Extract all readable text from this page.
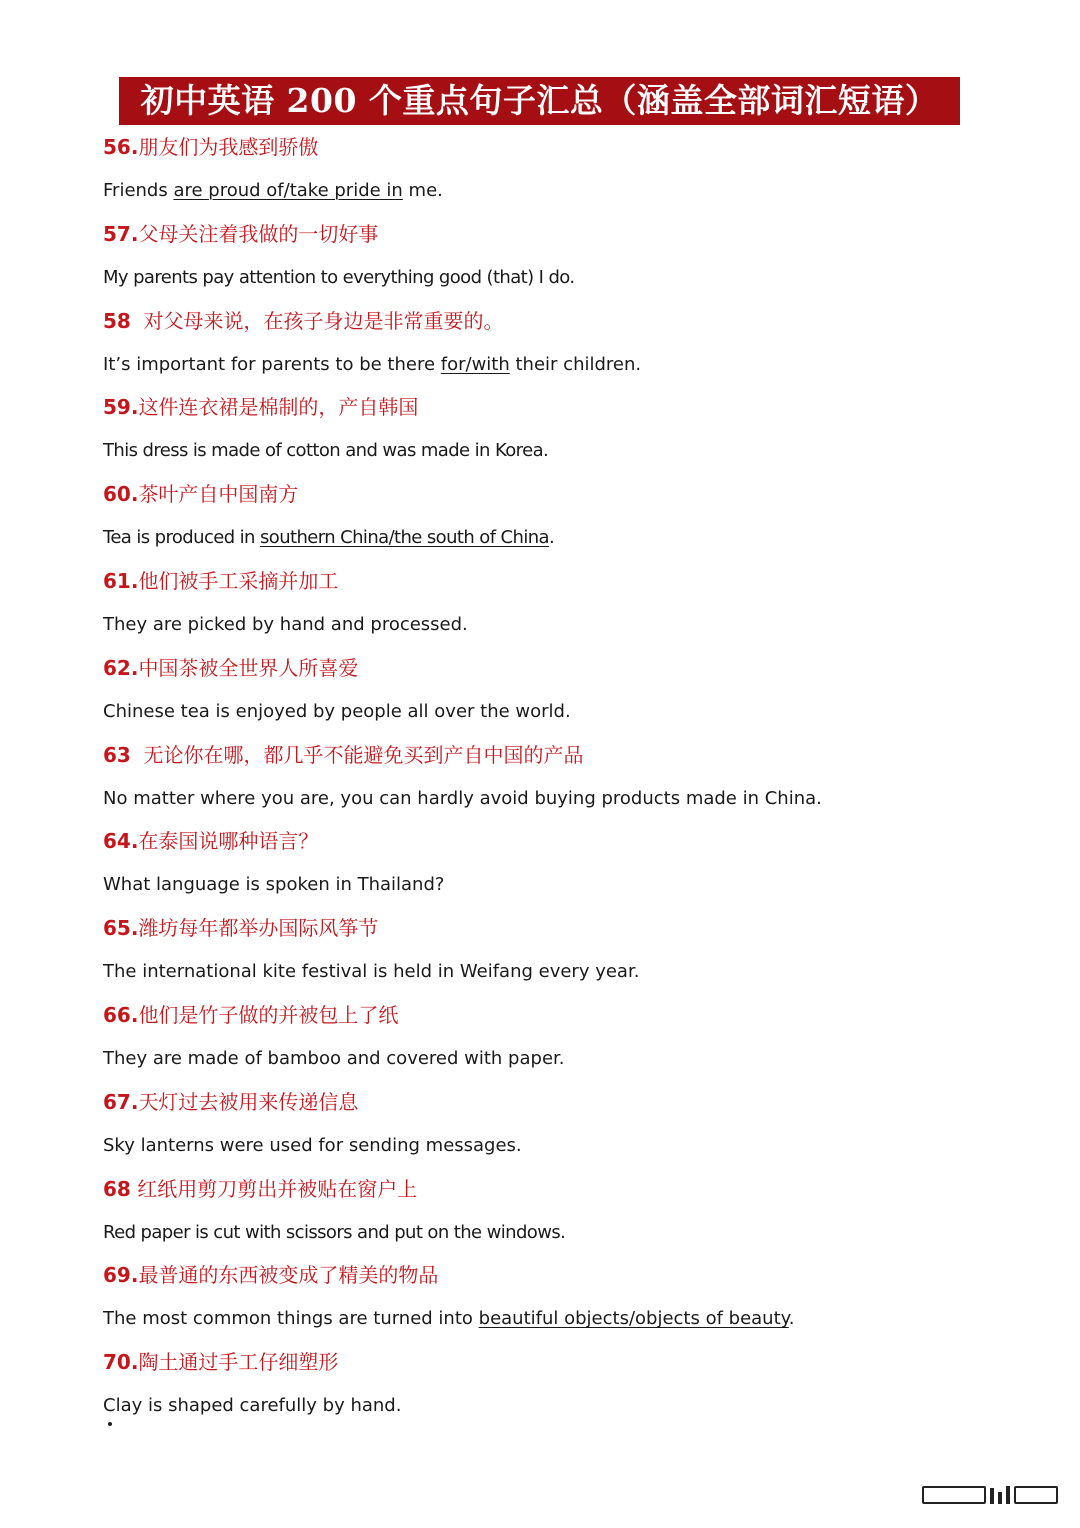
初中英语 200 个重点句子汇总（涵盖全部词汇短语）
56.朋友们为我感到骄傲
Friends are proud of/take pride in me.
57.父母关注着我做的一切好事
My parents pay attention to everything good (that) I do.
58  对父母来说，在孩子身边是非常重要的。
It’s important for parents to be there for/with their children.
59.这件连衣裙是棉制的，产自韩国
This dress is made of cotton and was made in Korea.
60.茶叶产自中国南方
Tea is produced in southern China/the south of China.
61.他们被手工采摘并加工
They are picked by hand and processed.
62.中国茶被全世界人所喜爱
Chinese tea is enjoyed by people all over the world.
63  无论你在哪，都几乎不能避免买到产自中国的产品
No matter where you are, you can hardly avoid buying products made in China.
64.在泰国说哪种语言？
What language is spoken in Thailand?
65.潍坊每年都举办国际风筝节
The international kite festival is held in Weifang every year.
66.他们是竹子做的并被包上了纸
They are made of bamboo and covered with paper.
67.天灯过去被用来传递信息
Sky lanterns were used for sending messages.
68 红纸用剪刀剪出并被贴在窗户上
Red paper is cut with scissors and put on the windows.
69.最普通的东西被变成了精美的物品
The most common things are turned into beautiful objects/objects of beauty.
70.陶土通过手工仔细塑形
Clay is shaped carefully by hand.
